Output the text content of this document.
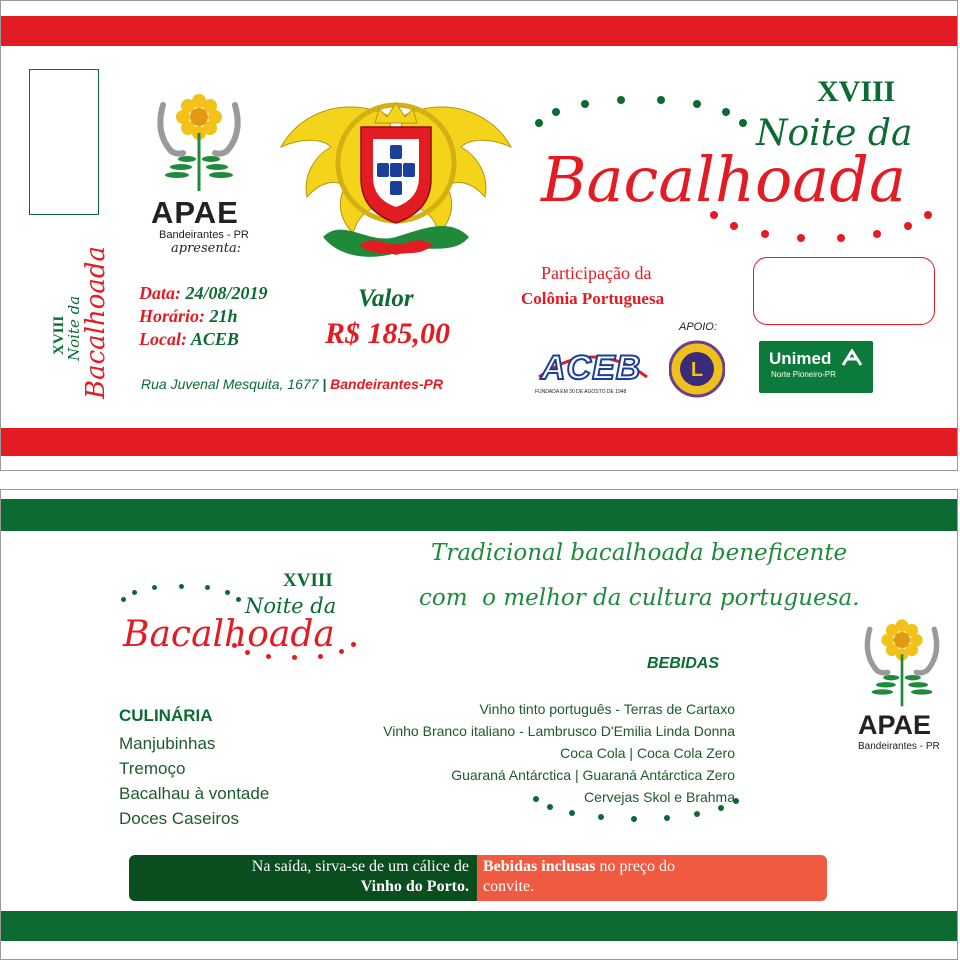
XVIII
Noite da
Bacalhoada
APAE
Bandeirantes - PR
apresenta:
Data: 24/08/2019
Horário: 21h
Local: ACEB
Valor
R$ 185,00
Rua Juvenal Mesquita, 1677 | Bandeirantes-PR
XVIII
Noite da
Bacalhoada
Participação da
Colônia Portuguesa
APOIO:
ACEB
FUNDADA EM 30 DE AGOSTO DE 1948
L
Unimed
Norte Pioneiro-PR
XVIII
Noite da
Bacalhoada
Tradicional bacalhoada beneficente
com  o melhor da cultura portuguesa.
CULINÁRIA
Manjubinhas
Tremoço
Bacalhau à vontade
Doces Caseiros
BEBIDAS
Vinho tinto português - Terras de Cartaxo
Vinho Branco italiano - Lambrusco D'Emilia Linda Donna
Coca Cola | Coca Cola Zero
Guaraná Antárctica | Guaraná Antárctica Zero
Cervejas Skol e Brahma
APAE
Bandeirantes - PR
Na saída, sirva-se de um cálice de
Vinho do Porto.
Bebidas inclusas no preço do
convite.
